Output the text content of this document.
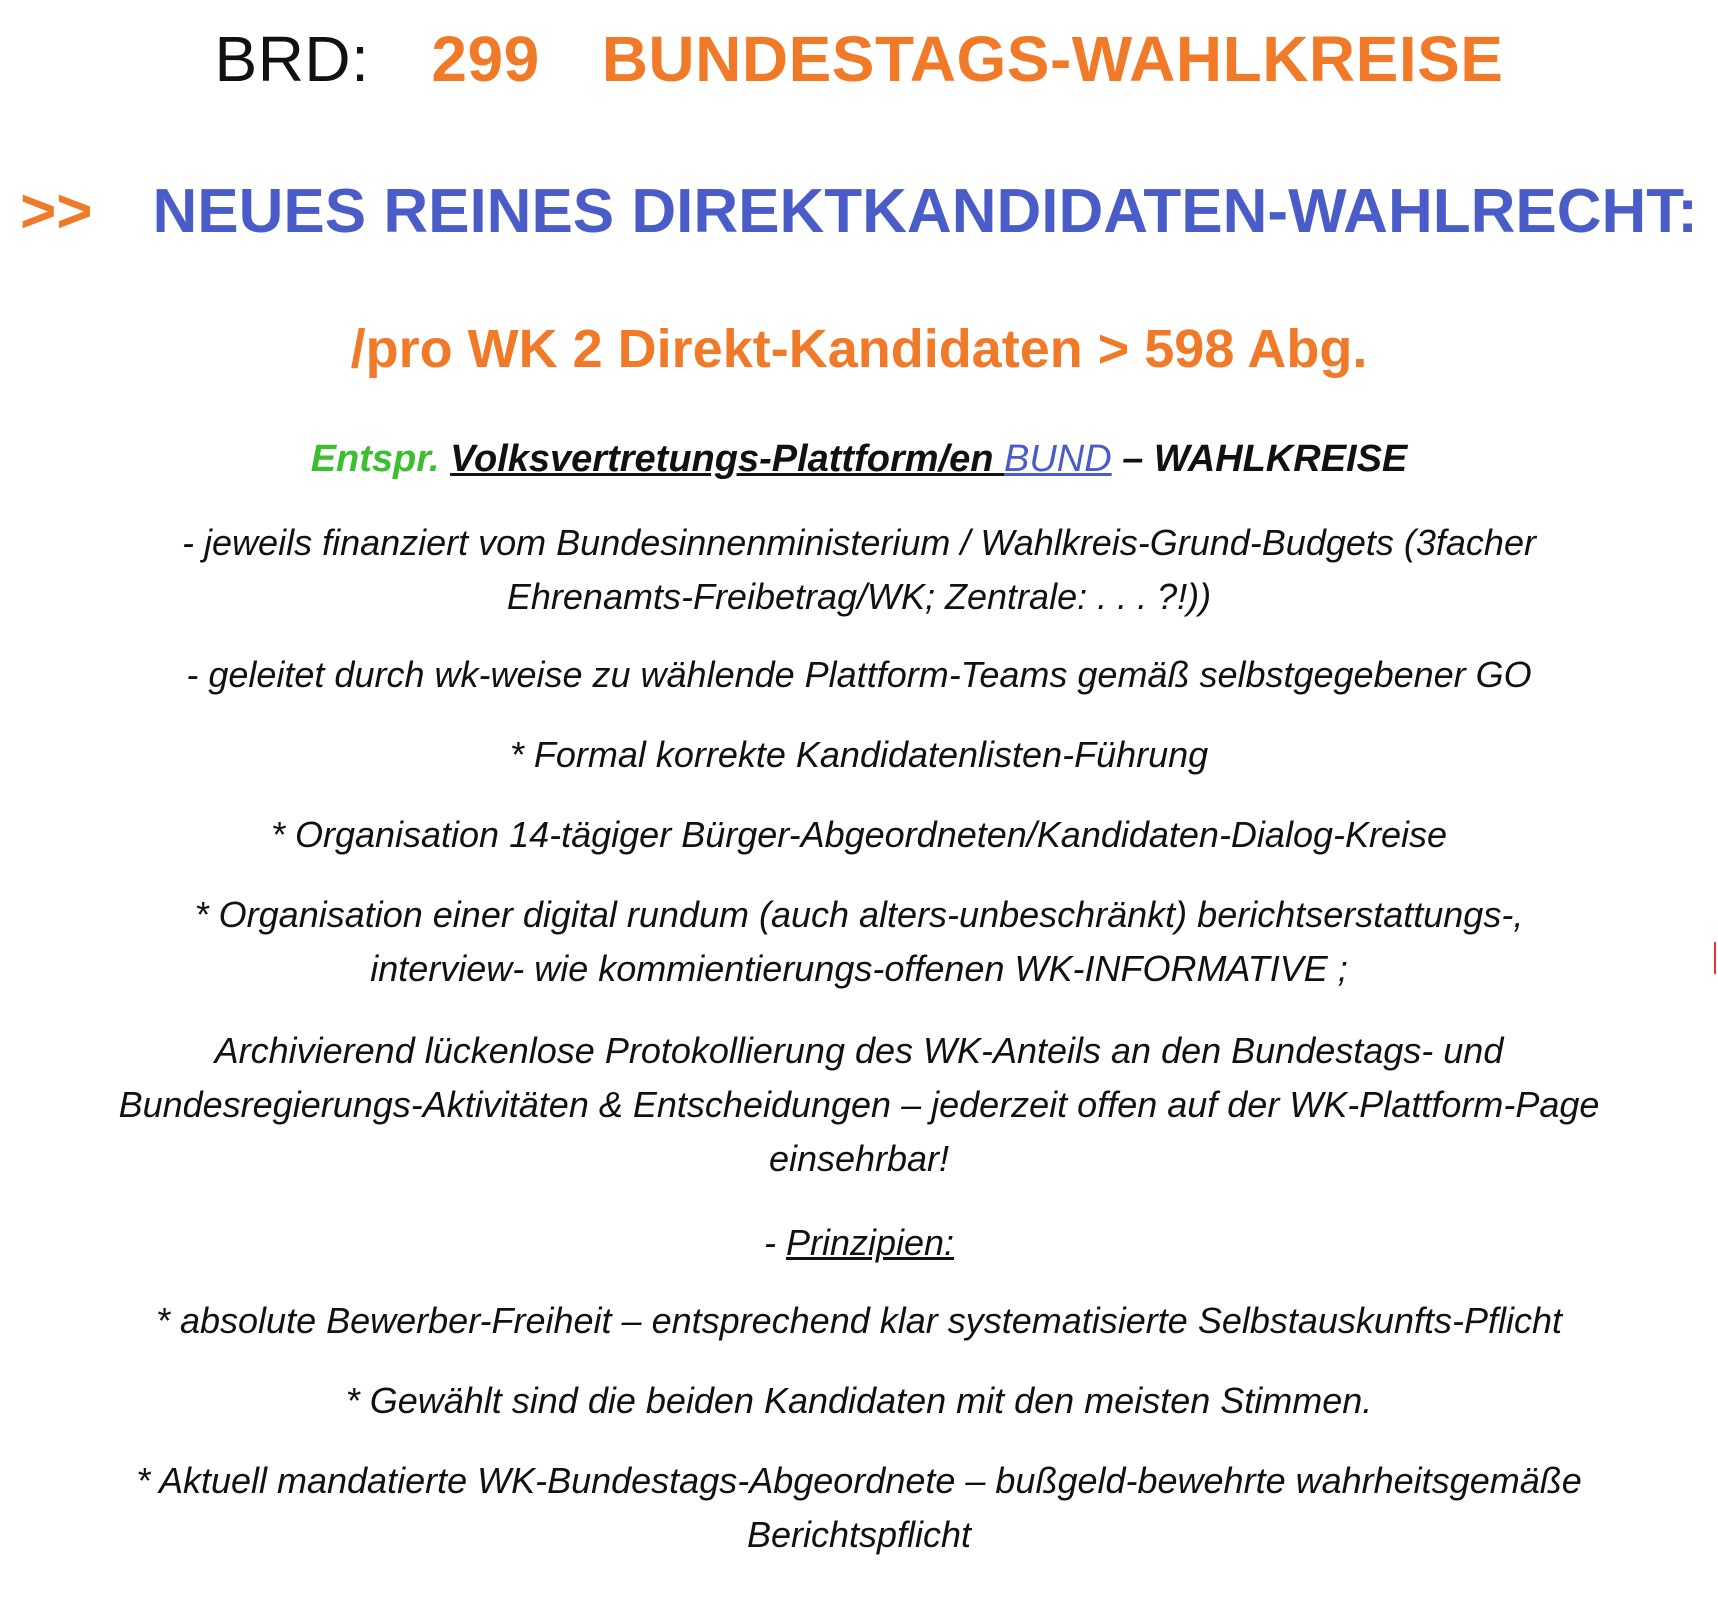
BRD: 299 BUNDESTAGS-WAHLKREISE
>> NEUES REINES DIREKTKANDIDATEN-WAHLRECHT:
/pro WK 2 Direkt-Kandidaten > 598 Abg.
Entspr. Volksvertretungs-Plattform/en BUND – WAHLKREISE
- jeweils finanziert vom Bundesinnenministerium / Wahlkreis-Grund-Budgets (3facher
Ehrenamts-Freibetrag/WK; Zentrale: . . . ?!))
- geleitet durch wk-weise zu wählende Plattform-Teams gemäß selbstgegebener GO
* Formal korrekte Kandidatenlisten-Führung
* Organisation 14-tägiger Bürger-Abgeordneten/Kandidaten-Dialog-Kreise
* Organisation einer digital rundum (auch alters-unbeschränkt) berichtserstattungs-,
interview- wie kommientierungs-offenen WK-INFORMATIVE ;
Archivierend lückenlose Protokollierung des WK-Anteils an den Bundestags- und
Bundesregierungs-Aktivitäten & Entscheidungen – jederzeit offen auf der WK-Plattform-Page
einsehrbar!
- Prinzipien:
* absolute Bewerber-Freiheit – entsprechend klar systematisierte Selbstauskunfts-Pflicht
* Gewählt sind die beiden Kandidaten mit den meisten Stimmen.
* Aktuell mandatierte WK-Bundestags-Abgeordnete – bußgeld-bewehrte wahrheitsgemäße
Berichtspflicht
